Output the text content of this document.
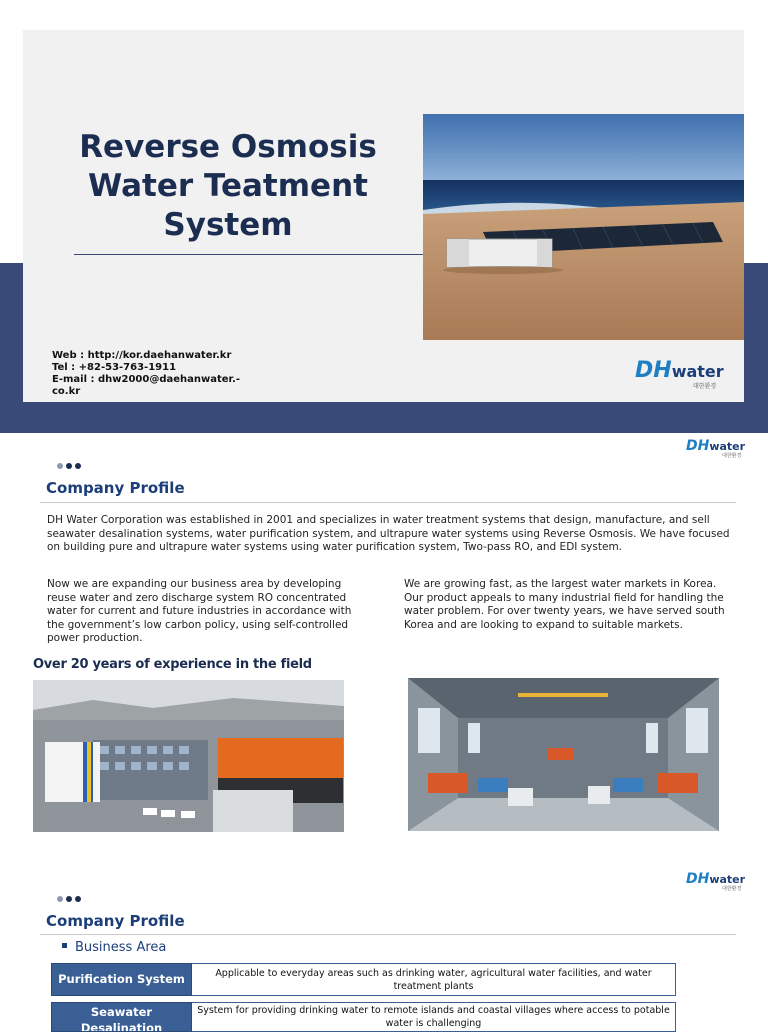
Reverse Osmosis
Water Teatment
System
Web : http://kor.daehanwater.kr
Tel : +82-53-763-1911
E-mail : dhw2000@daehanwater.-co.kr
DH water
대한환경
DH water
대한환경
Company Profile
DH Water Corporation was established in 2001 and specializes in water treatment systems that design, manufacture, and sell seawater desalination systems, water purification system, and ultrapure water systems using Reverse Osmosis. We have focused on building pure and ultrapure water systems using water purification system, Two-pass RO, and EDI system.
Now we are expanding our business area by developing reuse water and zero discharge system RO concentrated water for current and future industries in accordance with the government’s low carbon policy, using self-controlled power production.
We are growing fast, as the largest water markets in Korea. Our product appeals to many industrial field for handling the water problem. For over twenty years, we have served south Korea and are looking to expand to suitable markets.
Over 20 years of experience in the field
DH water
대한환경
Company Profile
Business Area
Purification System	Applicable to everyday areas such as drinking water, agricultural water facilities, and water treatment plants
Seawater Desalination
System for providing drinking water to remote islands and coastal villages where access to potable water is challenging
